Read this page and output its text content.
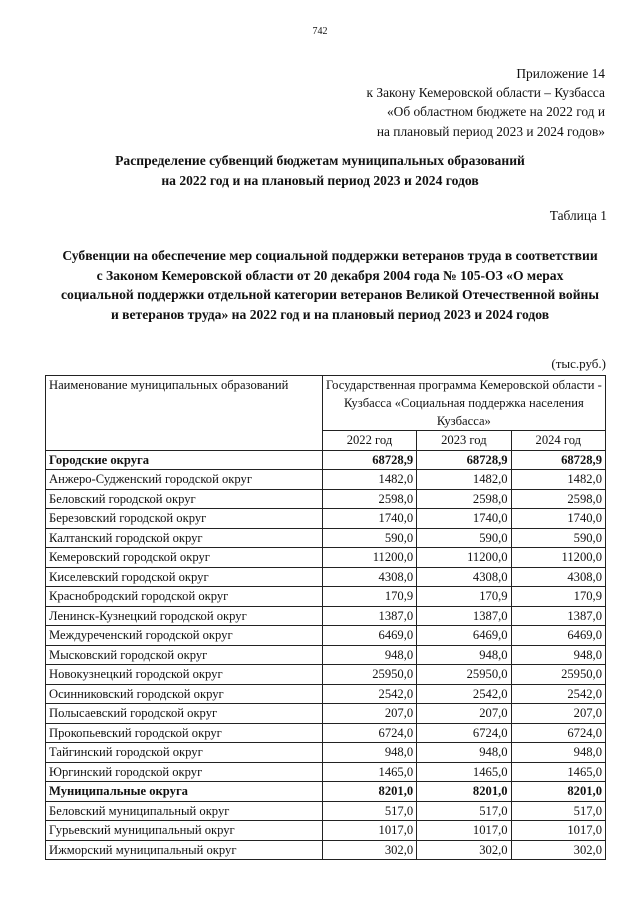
742
Приложение 14
к Закону Кемеровской области – Кузбасса
«Об областном бюджете на 2022 год и
на плановый период 2023 и 2024 годов»
Распределение субвенций бюджетам муниципальных образований
на 2022 год и на плановый период 2023 и 2024 годов
Таблица 1
Субвенции на обеспечение мер социальной поддержки ветеранов труда в соответствии
с Законом Кемеровской области от 20 декабря 2004 года № 105-ОЗ «О мерах
социальной поддержки отдельной категории ветеранов Великой Отечественной войны
и ветеранов труда» на 2022 год и на плановый период 2023 и 2024 годов
(тыс.руб.)
Наименование муниципальных образований	Государственная программа Кемеровской области - Кузбасса «Социальная поддержка населения Кузбасса»		
	2022 год	2023 год	2024 год
Городские округа	68728,9	68728,9	68728,9
Анжеро-Судженский городской округ	1482,0	1482,0	1482,0
Беловский городской округ	2598,0	2598,0	2598,0
Березовский городской округ	1740,0	1740,0	1740,0
Калтанский городской округ	590,0	590,0	590,0
Кемеровский городской округ	11200,0	11200,0	11200,0
Киселевский городской округ	4308,0	4308,0	4308,0
Краснобродский городской округ	170,9	170,9	170,9
Ленинск-Кузнецкий городской округ	1387,0	1387,0	1387,0
Междуреченский городской округ	6469,0	6469,0	6469,0
Мысковский городской округ	948,0	948,0	948,0
Новокузнецкий городской округ	25950,0	25950,0	25950,0
Осинниковский городской округ	2542,0	2542,0	2542,0
Полысаевский городской округ	207,0	207,0	207,0
Прокопьевский городской округ	6724,0	6724,0	6724,0
Тайгинский городской округ	948,0	948,0	948,0
Юргинский городской округ	1465,0	1465,0	1465,0
Муниципальные округа	8201,0	8201,0	8201,0
Беловский муниципальный округ	517,0	517,0	517,0
Гурьевский муниципальный округ	1017,0	1017,0	1017,0
Ижморский муниципальный округ	302,0	302,0	302,0
